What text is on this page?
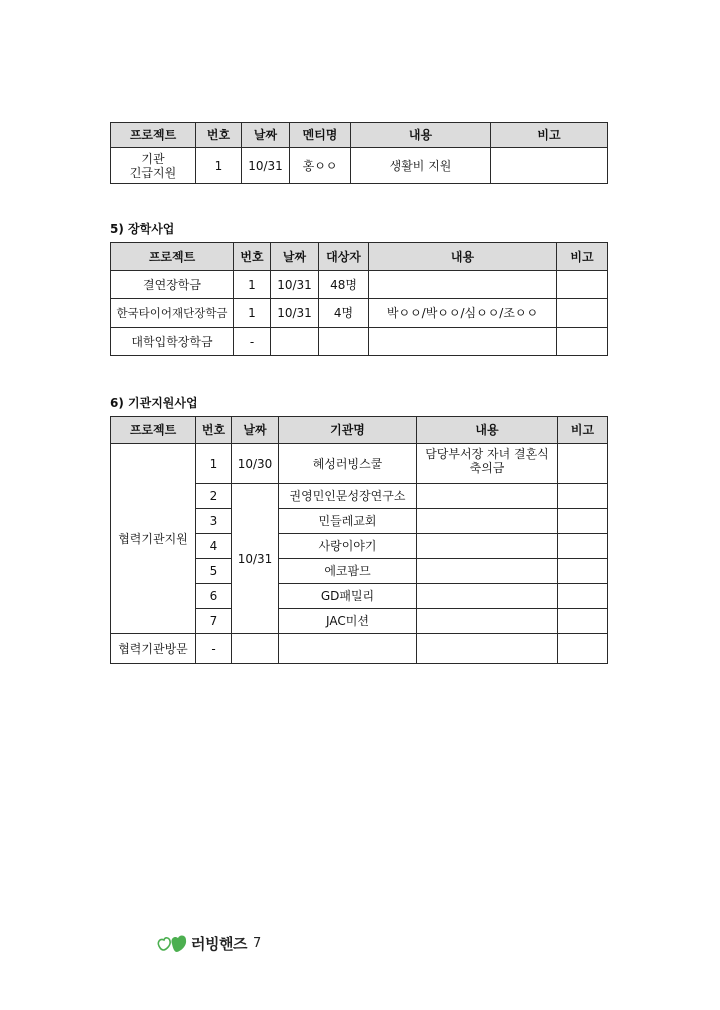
프로젝트	번호	날짜	멘티명	내용	비고
기관
긴급지원	1	10/31	홍ㅇㅇ	생활비 지원	
5) 장학사업
프로젝트	번호	날짜	대상자	내용	비고
결연장학금	1	10/31	48명		
한국타이어재단장학금	1	10/31	4명	박ㅇㅇ/박ㅇㅇ/심ㅇㅇ/조ㅇㅇ	
대학입학장학금	-				
6) 기관지원사업
프로젝트	번호	날짜	기관명	내용	비고
협력기관지원	1	10/30	혜성러빙스쿨	담당부서장 자녀 결혼식
축의금	
	2	10/31	권영민인문성장연구소		
	3		민들레교회		
	4		사랑이야기		
	5		에코팜므		
	6		GD패밀리		
	7		JAC미션		
협력기관방문	-				
러빙핸즈 7
